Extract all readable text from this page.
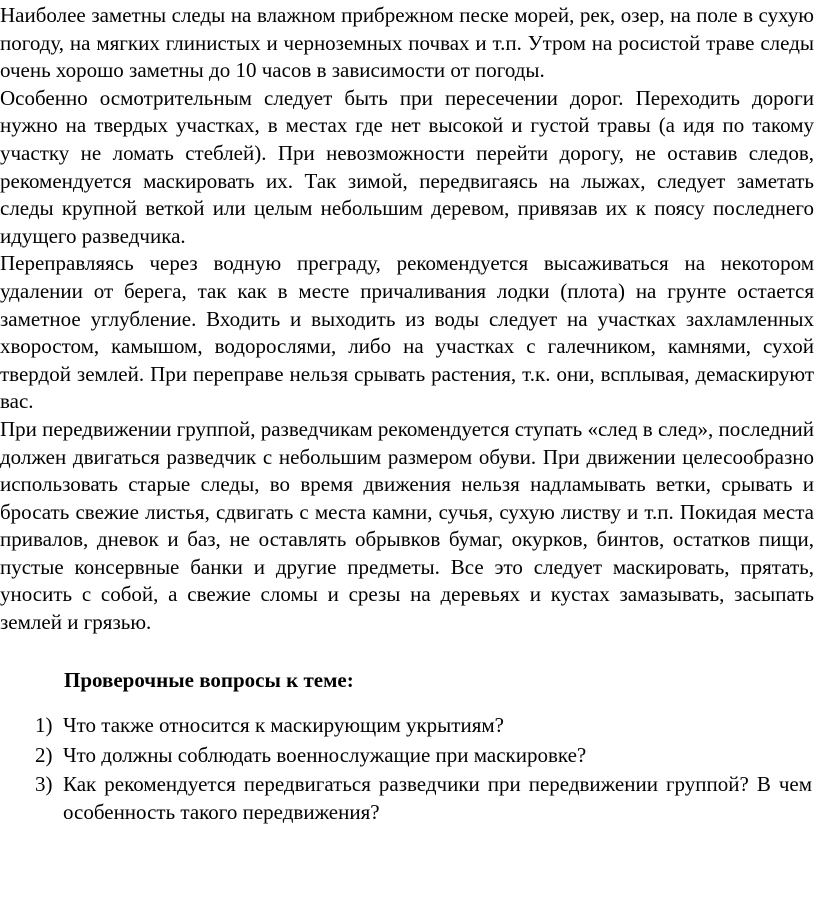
Наиболее заметны следы на влажном прибрежном песке морей, рек, озер, на поле в сухую погоду, на мягких глинистых и черноземных почвах и т.п. Утром на росистой траве следы очень хорошо заметны до 10 часов в зависимости от погоды.

Особенно осмотрительным следует быть при пересечении дорог. Переходить дороги нужно на твердых участках, в местах где нет высокой и густой травы (а идя по такому участку не ломать стеблей). При невозможности перейти дорогу, не оставив следов, рекомендуется маскировать их. Так зимой, передвигаясь на лыжах, следует заметать следы крупной веткой или целым небольшим деревом, привязав их к поясу последнего идущего разведчика.

Переправляясь через водную преграду, рекомендуется высаживаться на некотором удалении от берега, так как в месте причаливания лодки (плота) на грунте остается заметное углубление. Входить и выходить из воды следует на участках захламленных хворостом, камышом, водорослями, либо на участках с галечником, камнями, сухой твердой землей. При переправе нельзя срывать растения, т.к. они, всплывая, демаскируют вас.

При передвижении группой, разведчикам рекомендуется ступать «след в след», последний должен двигаться разведчик с небольшим размером обуви. При движении целесообразно использовать старые следы, во время движения нельзя надламывать ветки, срывать и бросать свежие листья, сдвигать с места камни, сучья, сухую листву и т.п. Покидая места привалов, дневок и баз, не оставлять обрывков бумаг, окурков, бинтов, остатков пищи, пустые консервные банки и другие предметы. Все это следует маскировать, прятать, уносить с собой, а свежие сломы и срезы на деревьях и кустах замазывать, засыпать землей и грязью.

Проверочные вопросы к теме:

1) Что также относится к маскирующим укрытиям?
2) Что должны соблюдать военнослужащие при маскировке?
3) Как рекомендуется передвигаться разведчики при передвижении группой? В чем особенность такого передвижения?
